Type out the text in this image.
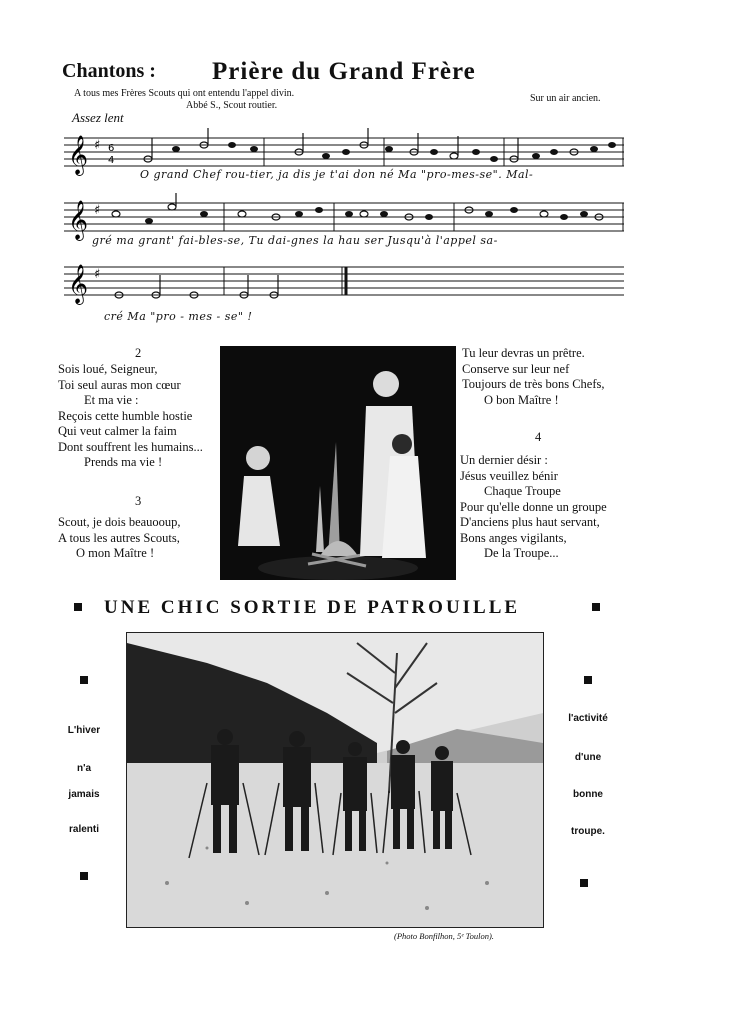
Chantons : Prière du Grand Frère
A tous mes Frères Scouts qui ont entendu l'appel divin.
Abbé S., Scout routier.
Sur un air ancien.
Assez lent
𝄞 ♯ 6
4
O grand Chef rou-tier, ja dis je t'ai don né Ma "pro-mes-se". Mal-
𝄞 ♯
gré ma grant' fai-bles-se, Tu dai-gnes la hau ser Jusqu'à l'appel sa-
𝄞 ♯
cré Ma "pro - mes - se" !
2
Sois loué, Seigneur,
Toi seul auras mon cœur
Et ma vie :
Reçois cette humble hostie
Qui veut calmer la faim
Dont souffrent les humains...
Prends ma vie !
3
Scout, je dois beauooup,
A tous les autres Scouts,
O mon Maître !
Tu leur devras un prêtre.
Conserve sur leur nef
Toujours de très bons Chefs,
O bon Maître !
4
Un dernier désir :
Jésus veuillez bénir
Chaque Troupe
Pour qu'elle donne un groupe
D'anciens plus haut servant,
Bons anges vigilants,
De la Troupe...
UNE CHIC SORTIE DE PATROUILLE
L'hiver
n'a
jamais
ralenti
l'activité
d'une
bonne
troupe.
(Photo Bonfilhon, 5ᵉ Toulon).
